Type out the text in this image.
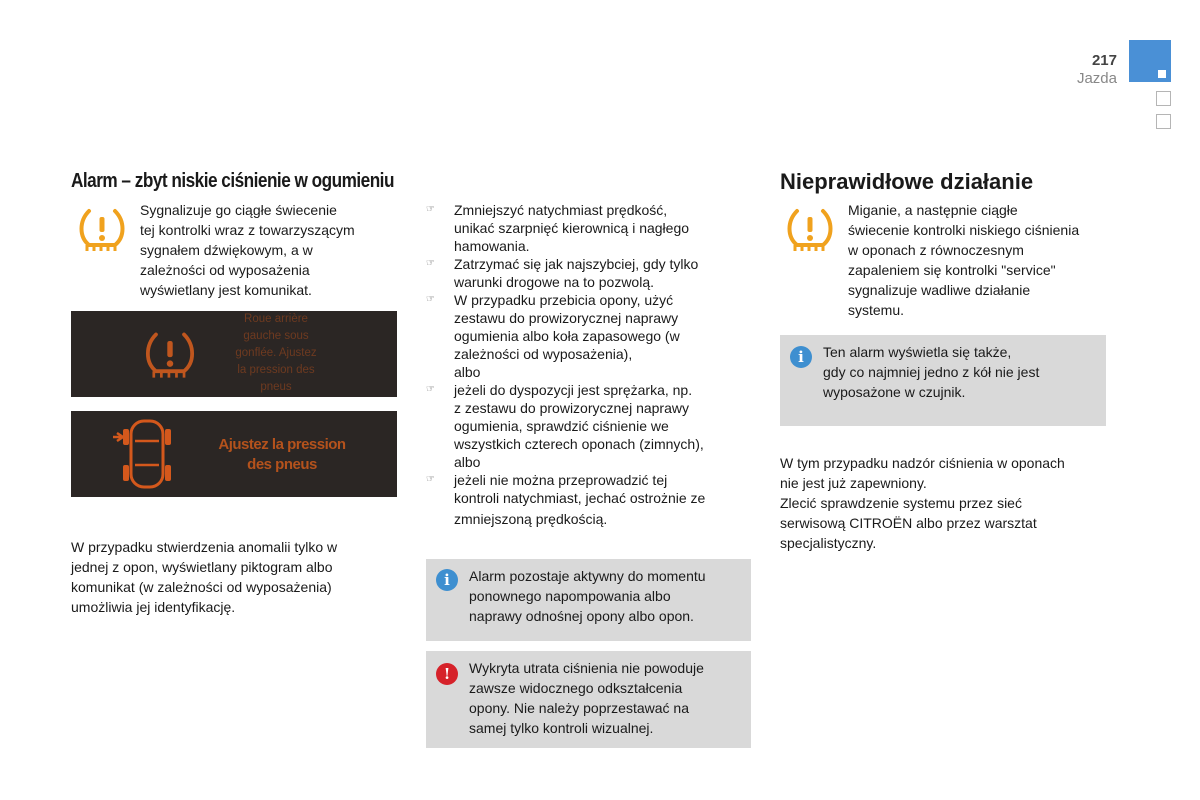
217
Jazda
Alarm – zbyt niskie ciśnienie w ogumieniu
Sygnalizuje go ciągłe świecenie
tej kontrolki wraz z towarzyszącym
sygnałem dźwiękowym, a w
zależności od wyposażenia
wyświetlany jest komunikat.
Roue arrière
gauche sous
gonflée. Ajustez
la pression des
pneus
Ajustez la pression
des pneus
W przypadku stwierdzenia anomalii tylko w
jednej z opon, wyświetlany piktogram albo
komunikat (w zależności od wyposażenia)
umożliwia jej identyfikację.
☞	Zmniejszyć natychmiast prędkość,
unikać szarpnięć kierownicą i nagłego
hamowania.
☞	Zatrzymać się jak najszybciej, gdy tylko
warunki drogowe na to pozwolą.
☞	W przypadku przebicia opony, użyć
zestawu do prowizorycznej naprawy
ogumienia albo koła zapasowego (w
zależności od wyposażenia),
albo
☞	jeżeli do dyspozycji jest sprężarka, np.
z zestawu do prowizorycznej naprawy
ogumienia, sprawdzić ciśnienie we
wszystkich czterech oponach (zimnych),
albo
☞	jeżeli nie można przeprowadzić tej
kontroli natychmiast, jechać ostrożnie ze
zmniejszoną prędkością.
i	Alarm pozostaje aktywny do momentu
ponownego napompowania albo
naprawy odnośnej opony albo opon.
!	Wykryta utrata ciśnienia nie powoduje
zawsze widocznego odkształcenia
opony. Nie należy poprzestawać na
samej tylko kontroli wizualnej.
Nieprawidłowe działanie
Miganie, a następnie ciągłe
świecenie kontrolki niskiego ciśnienia
w oponach z równoczesnym
zapaleniem się kontrolki "service"
sygnalizuje wadliwe działanie
systemu.
i	Ten alarm wyświetla się także,
gdy co najmniej jedno z kół nie jest
wyposażone w czujnik.
W tym przypadku nadzór ciśnienia w oponach
nie jest już zapewniony.
Zlecić sprawdzenie systemu przez sieć
serwisową CITROËN albo przez warsztat
specjalistyczny.
